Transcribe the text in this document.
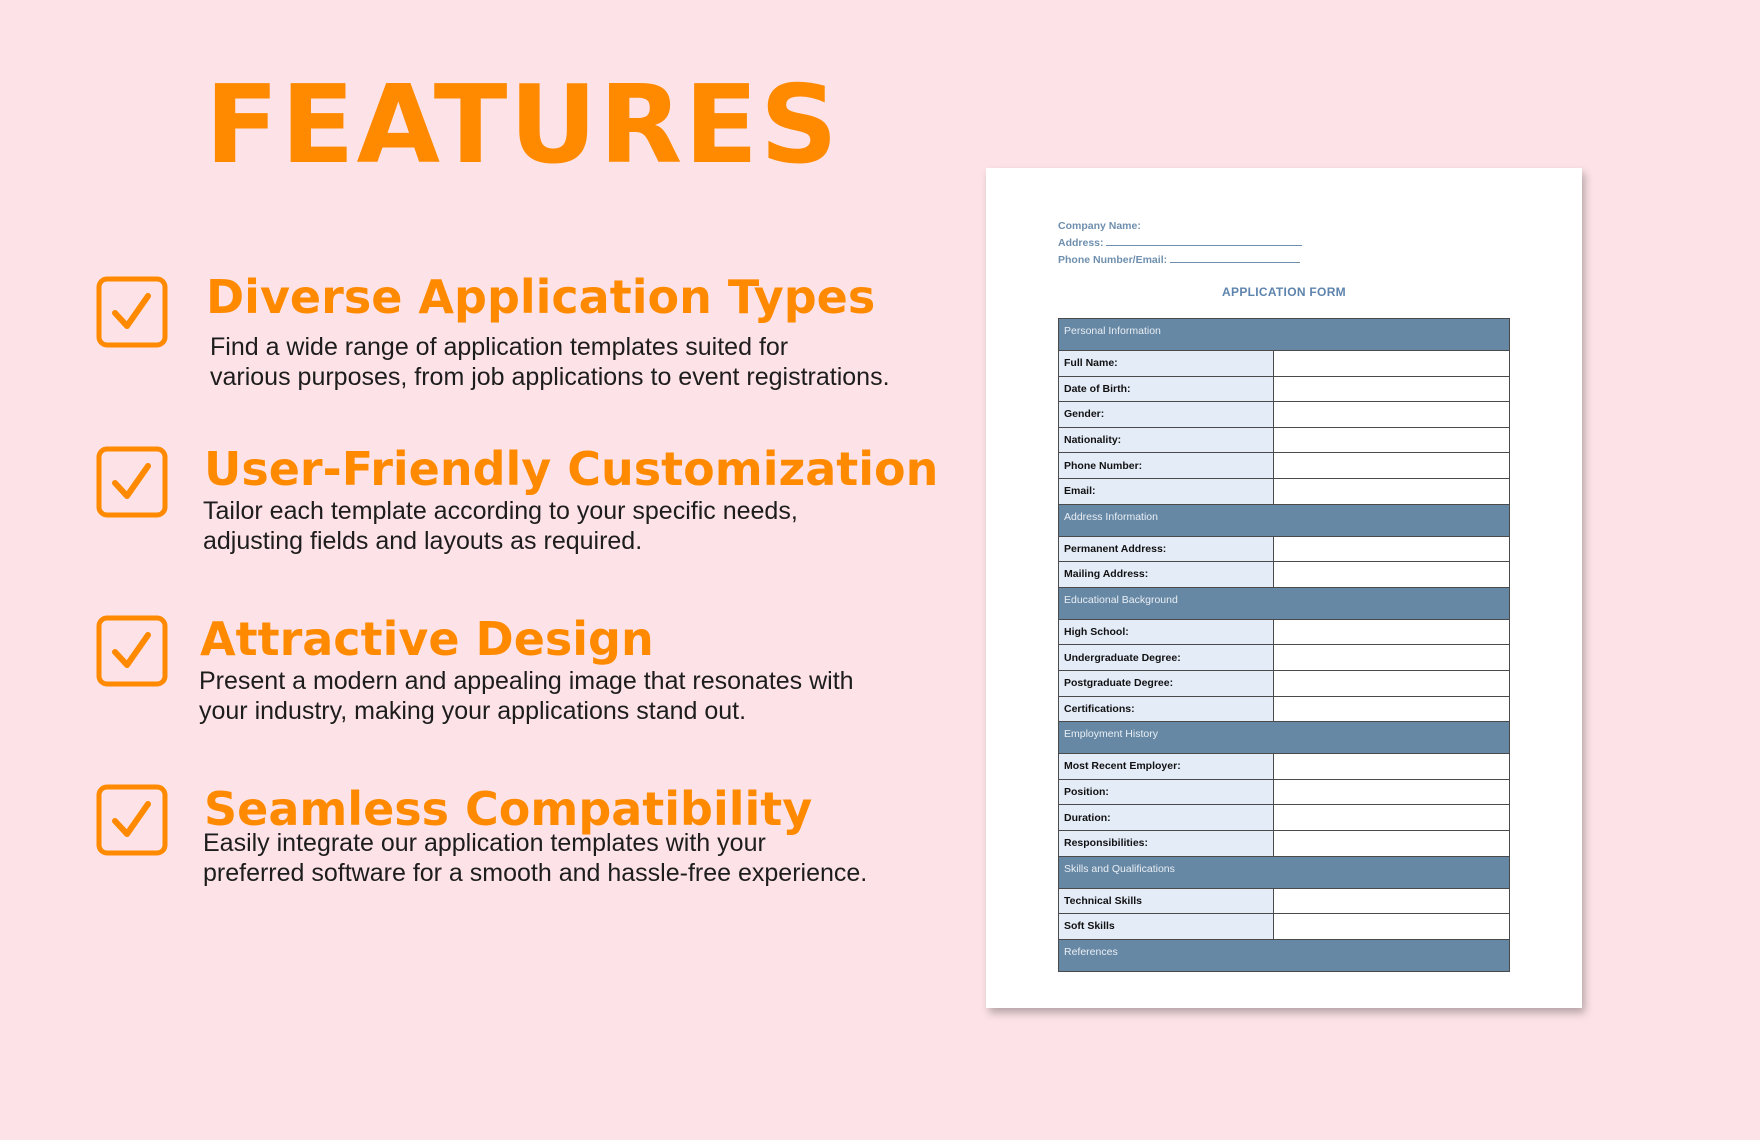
FEATURES
Diverse Application Types

Find a wide range of application templates suited for
various purposes, from job applications to event registrations.

User-Friendly Customization

Tailor each template according to your specific needs,
adjusting fields and layouts as required.

Attractive Design

Present a modern and appealing image that resonates with
your industry, making your applications stand out.

Seamless Compatibility

Easily integrate our application templates with your
preferred software for a smooth and hassle-free experience.

Company Name:
Address:
Phone Number/Email:
APPLICATION FORM
Personal Information	
Full Name:	
Date of Birth:	
Gender:	
Nationality:	
Phone Number:	
Email:	
Address Information	
Permanent Address:	
Mailing Address:	
Educational Background	
High School:	
Undergraduate Degree:	
Postgraduate Degree:	
Certifications:	
Employment History	
Most Recent Employer:	
Position:	
Duration:	
Responsibilities:	
Skills and Qualifications	
Technical Skills	
Soft Skills	
References	
